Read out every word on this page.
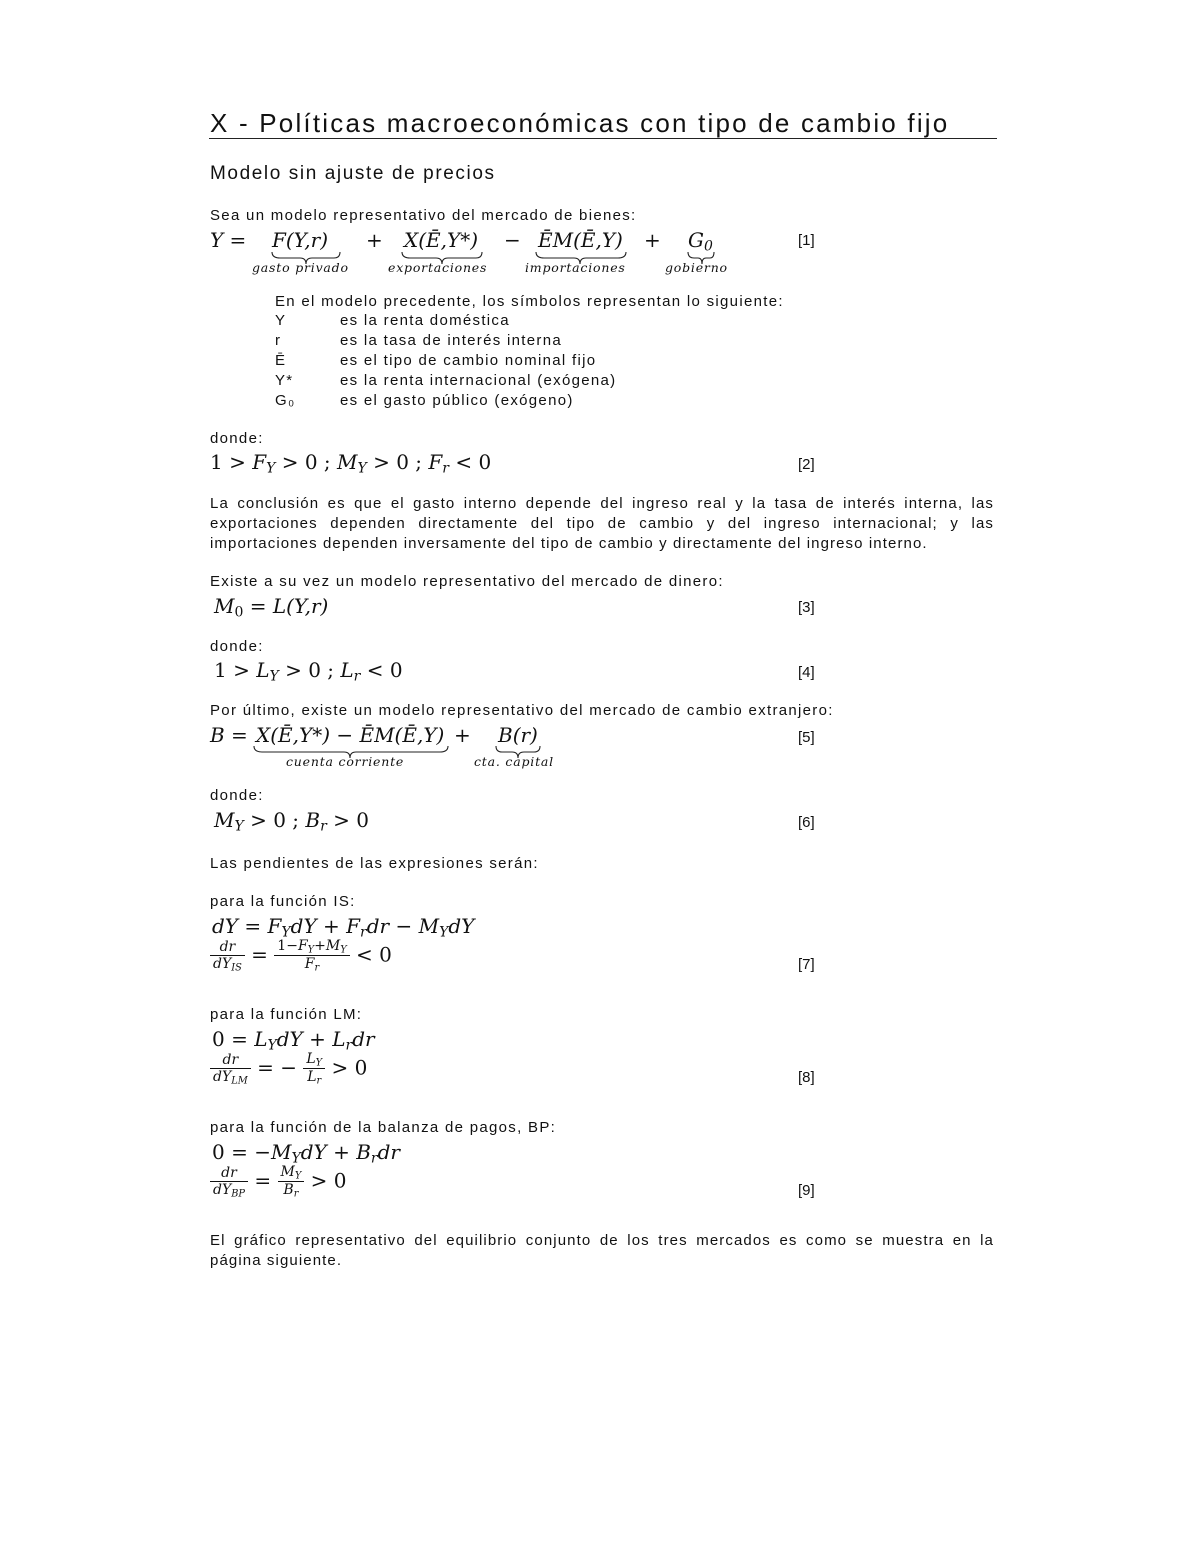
X - Políticas macroeconómicas con tipo de cambio fijo
Modelo sin ajuste de precios
Sea un modelo representativo del mercado de bienes:
Y = F(Y,r) + X(Ē,Y*) − ĒM(Ē,Y) + $G_0$
gasto privado	exportaciones	importaciones	gobierno
[1]
En el modelo precedente, los símbolos representan lo siguiente:
Y	es la renta doméstica
r	es la tasa de interés interna
Ē	es el tipo de cambio nominal fijo
Y*	es la renta internacional (exógena)
G₀	es el gasto público (exógeno)
donde:
$1 > F_Y > 0$ ; $M_Y > 0$ ; $F_r < 0$	[2]
La conclusión es que el gasto interno depende del ingreso real y la tasa de interés interna, las exportaciones dependen directamente del tipo de cambio y del ingreso internacional; y las importaciones dependen inversamente del tipo de cambio y directamente del ingreso interno.
Existe a su vez un modelo representativo del mercado de dinero:
$M_0 = L(Y,r)$	[3]
donde:
$1 > L_Y > 0$ ; $L_r < 0$	[4]
Por último, existe un modelo representativo del mercado de cambio extranjero:
B = X(Ē,Y*) − ĒM(Ē,Y) + B(r)
cuenta corriente	cta. capital
[5]
donde:
$M_Y > 0$ ; $B_r > 0$	[6]
Las pendientes de las expresiones serán:
para la función IS:
dY = $F_YdY + F_rdr - M_YdY$
$\frac{dr}{dY_{IS}} = \frac{1-F_Y+M_Y}{F_r} < 0$	[7]
para la función LM:
$0 = L_YdY + L_rdr$
$\frac{dr}{dY_{LM}}$ = − $\frac{L_Y}{L_r} > 0$	[8]
para la función de la balanza de pagos, BP:
$0 = -M_YdY + B_rdr$
$\frac{dr}{dY_{BP}} = \frac{M_Y}{B_r} > 0$	[9]
El gráfico representativo del equilibrio conjunto de los tres mercados es como se muestra en la página siguiente.
